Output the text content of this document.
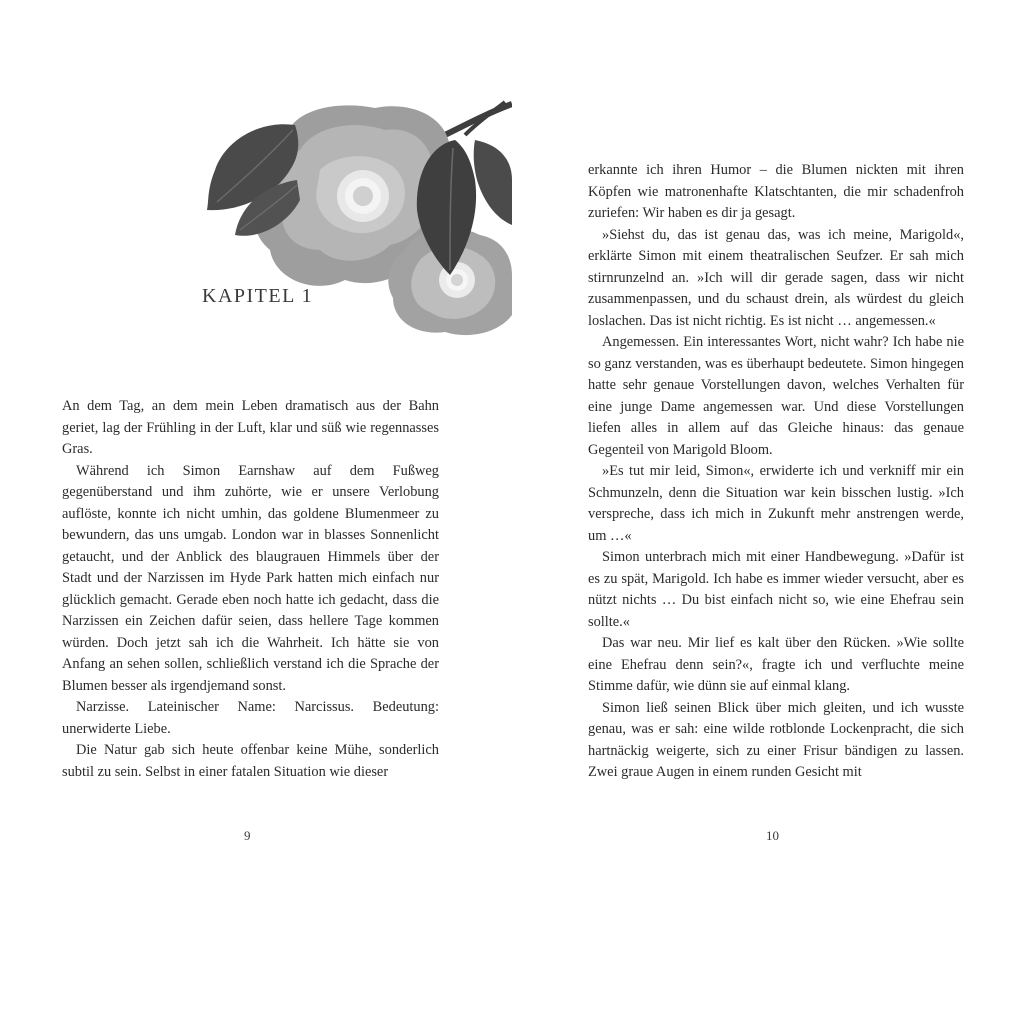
KAPITEL 1

An dem Tag, an dem mein Leben dramatisch aus der Bahn geriet, lag der Frühling in der Luft, klar und süß wie regennasses Gras.

Während ich Simon Earnshaw auf dem Fußweg gegenüberstand und ihm zuhörte, wie er unsere Verlobung auflöste, konnte ich nicht umhin, das goldene Blumenmeer zu bewundern, das uns umgab. London war in blasses Sonnenlicht getaucht, und der Anblick des blaugrauen Himmels über der Stadt und der Narzissen im Hyde Park hatten mich einfach nur glücklich gemacht. Gerade eben noch hatte ich gedacht, dass die Narzissen ein Zeichen dafür seien, dass hellere Tage kommen würden. Doch jetzt sah ich die Wahrheit. Ich hätte sie von Anfang an sehen sollen, schließlich verstand ich die Sprache der Blumen besser als irgendjemand sonst.

Narzisse. Lateinischer Name: Narcissus. Bedeutung: unerwiderte Liebe.

Die Natur gab sich heute offenbar keine Mühe, sonderlich subtil zu sein. Selbst in einer fatalen Situation wie dieser

9

erkannte ich ihren Humor – die Blumen nickten mit ihren Köpfen wie matronenhafte Klatschtanten, die mir schadenfroh zuriefen: Wir haben es dir ja gesagt.

»Siehst du, das ist genau das, was ich meine, Marigold«, erklärte Simon mit einem theatralischen Seufzer. Er sah mich stirnrunzelnd an. »Ich will dir gerade sagen, dass wir nicht zusammenpassen, und du schaust drein, als würdest du gleich loslachen. Das ist nicht richtig. Es ist nicht … angemessen.«

Angemessen. Ein interessantes Wort, nicht wahr? Ich habe nie so ganz verstanden, was es überhaupt bedeutete. Simon hingegen hatte sehr genaue Vorstellungen davon, welches Verhalten für eine junge Dame angemessen war. Und diese Vorstellungen liefen alles in allem auf das Gleiche hinaus: das genaue Gegenteil von Marigold Bloom.

»Es tut mir leid, Simon«, erwiderte ich und verkniff mir ein Schmunzeln, denn die Situation war kein bisschen lustig. »Ich verspreche, dass ich mich in Zukunft mehr anstrengen werde, um …«

Simon unterbrach mich mit einer Handbewegung. »Dafür ist es zu spät, Marigold. Ich habe es immer wieder versucht, aber es nützt nichts … Du bist einfach nicht so, wie eine Ehefrau sein sollte.«

Das war neu. Mir lief es kalt über den Rücken. »Wie sollte eine Ehefrau denn sein?«, fragte ich und verfluchte meine Stimme dafür, wie dünn sie auf einmal klang.

Simon ließ seinen Blick über mich gleiten, und ich wusste genau, was er sah: eine wilde rotblonde Lockenpracht, die sich hartnäckig weigerte, sich zu einer Frisur bändigen zu lassen. Zwei graue Augen in einem runden Gesicht mit

10
